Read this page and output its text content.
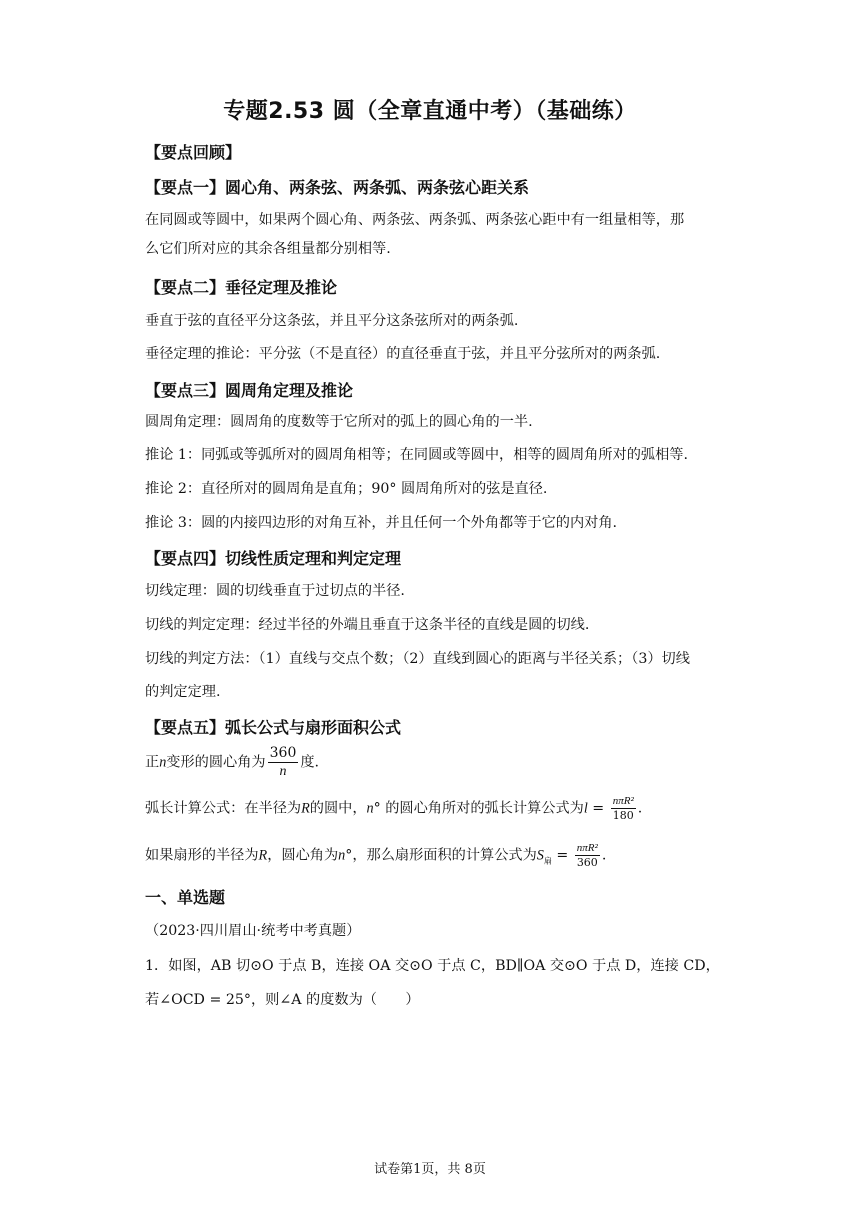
专题2.53 圆（全章直通中考）（基础练）
【要点回顾】
【要点一】圆心角、两条弦、两条弧、两条弦心距关系
在同圆或等圆中，如果两个圆心角、两条弦、两条弧、两条弦心距中有一组量相等，那
么它们所对应的其余各组量都分别相等.
【要点二】垂径定理及推论
垂直于弦的直径平分这条弦，并且平分这条弦所对的两条弧.
垂径定理的推论：平分弦（不是直径）的直径垂直于弦，并且平分弦所对的两条弧.
【要点三】圆周角定理及推论
圆周角定理：圆周角的度数等于它所对的弧上的圆心角的一半.
推论 1：同弧或等弧所对的圆周角相等；在同圆或等圆中，相等的圆周角所对的弧相等.
推论 2：直径所对的圆周角是直角；90° 圆周角所对的弦是直径.
推论 3：圆的内接四边形的对角互补，并且任何一个外角都等于它的内对角.
【要点四】切线性质定理和判定定理
切线定理：圆的切线垂直于过切点的半径.
切线的判定定理：经过半径的外端且垂直于这条半径的直线是圆的切线.
切线的判定方法：（1）直线与交点个数；（2）直线到圆心的距离与半径关系；（3）切线
的判定定理.
【要点五】弧长公式与扇形面积公式
正n变形的圆心角为 $\frac{360}{n}$ 度.
弧长计算公式：在半径为R的圆中，n° 的圆心角所对的弧长计算公式为$l = \frac{\text{nπR²}}{180}$ .
如果扇形的半径为R，圆心角为n°，那么扇形面积的计算公式为$S_扇 = \frac{\text{nπR²}}{360}$ .
一、单选题
（2023·四川眉山·统考中考真题）
1．如图，AB 切⊙O 于点 B，连接 OA 交⊙O 于点 C，BD∥OA 交⊙O 于点 D，连接 CD，
若∠OCD = 25°，则∠A 的度数为（　　）
试卷第1页，共 8页
